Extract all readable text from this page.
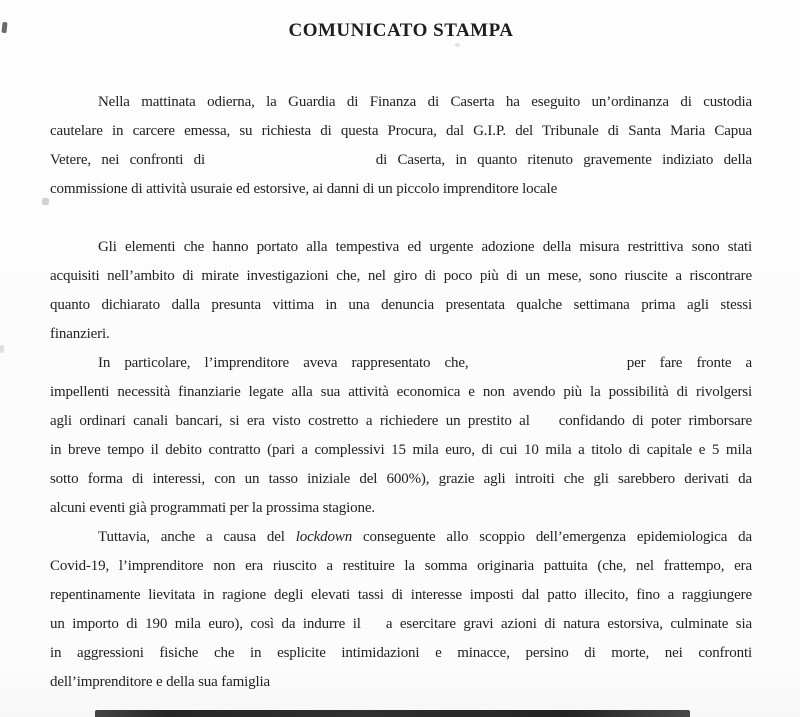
COMUNICATO STAMPA
Nella mattinata odierna, la Guardia di Finanza di Caserta ha eseguito un’ordinanza di custodia
cautelare in carcere emessa, su richiesta di questa Procura, dal G.I.P. del Tribunale di Santa Maria Capua
Vetere, nei confronti di	di Caserta, in quanto ritenuto gravemente indiziato della
commissione di attività usuraie ed estorsive, ai danni di un piccolo imprenditore locale
Gli elementi che hanno portato alla tempestiva ed urgente adozione della misura restrittiva sono stati
acquisiti nell’ambito di mirate investigazioni che, nel giro di poco più di un mese, sono riuscite a riscontrare
quanto dichiarato dalla presunta vittima in una denuncia presentata qualche settimana prima agli stessi
finanzieri.
In particolare, l’imprenditore aveva rappresentato che,	per fare fronte a
impellenti necessità finanziarie legate alla sua attività economica e non avendo più la possibilità di rivolgersi
agli ordinari canali bancari, si era visto costretto a richiedere un prestito al confidando di poter rimborsare
in breve tempo il debito contratto (pari a complessivi 15 mila euro, di cui 10 mila a titolo di capitale e 5 mila
sotto forma di interessi, con un tasso iniziale del 600%), grazie agli introiti che gli sarebbero derivati da
alcuni eventi già programmati per la prossima stagione.
Tuttavia, anche a causa del lockdown conseguente allo scoppio dell’emergenza epidemiologica da
Covid-19, l’imprenditore non era riuscito a restituire la somma originaria pattuita (che, nel frattempo, era
repentinamente lievitata in ragione degli elevati tassi di interesse imposti dal patto illecito, fino a raggiungere
un importo di 190 mila euro), così da indurre il a esercitare gravi azioni di natura estorsiva, culminate sia
in aggressioni fisiche che in esplicite intimidazioni e minacce, persino di morte, nei confronti
dell’imprenditore e della sua famiglia
